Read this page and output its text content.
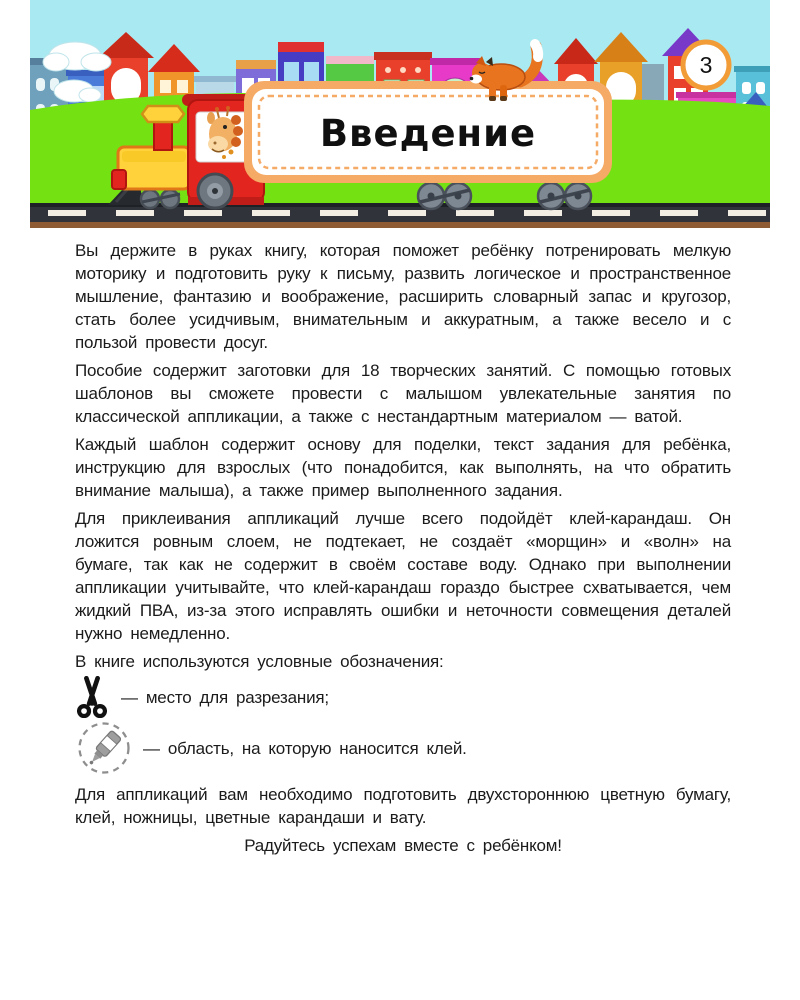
Введение
3

Вы держите в руках книгу, которая поможет ребёнку потренировать мелкую моторику и подготовить руку к письму, развить логическое и пространственное мышление, фантазию и воображение, расширить словарный запас и кругозор, стать более усидчивым, внимательным и аккуратным, а также весело и с пользой провести досуг.

Пособие содержит заготовки для 18 творческих занятий. С помощью готовых шаблонов вы сможете провести с малышом увлекательные занятия по классической аппликации, а также с нестандартным материалом — ватой.

Каждый шаблон содержит основу для поделки, текст задания для ребёнка, инструкцию для взрослых (что понадобится, как выполнять, на что обратить внимание малыша), а также пример выполненного задания.

Для приклеивания аппликаций лучше всего подойдёт клей-карандаш. Он ложится ровным слоем, не подтекает, не создаёт «морщин» и «волн» на бумаге, так как не содержит в своём составе воду. Однако при выполнении аппликации учитывайте, что клей-карандаш гораздо быстрее схватывается, чем жидкий ПВА, из-за этого исправлять ошибки и неточности совмещения деталей нужно немедленно.

В книге используются условные обозначения:

— место для разрезания;
— область, на которую наносится клей.

Для аппликаций вам необходимо подготовить двухстороннюю цветную бумагу, клей, ножницы, цветные карандаши и вату.

Радуйтесь успехам вместе с ребёнком!
